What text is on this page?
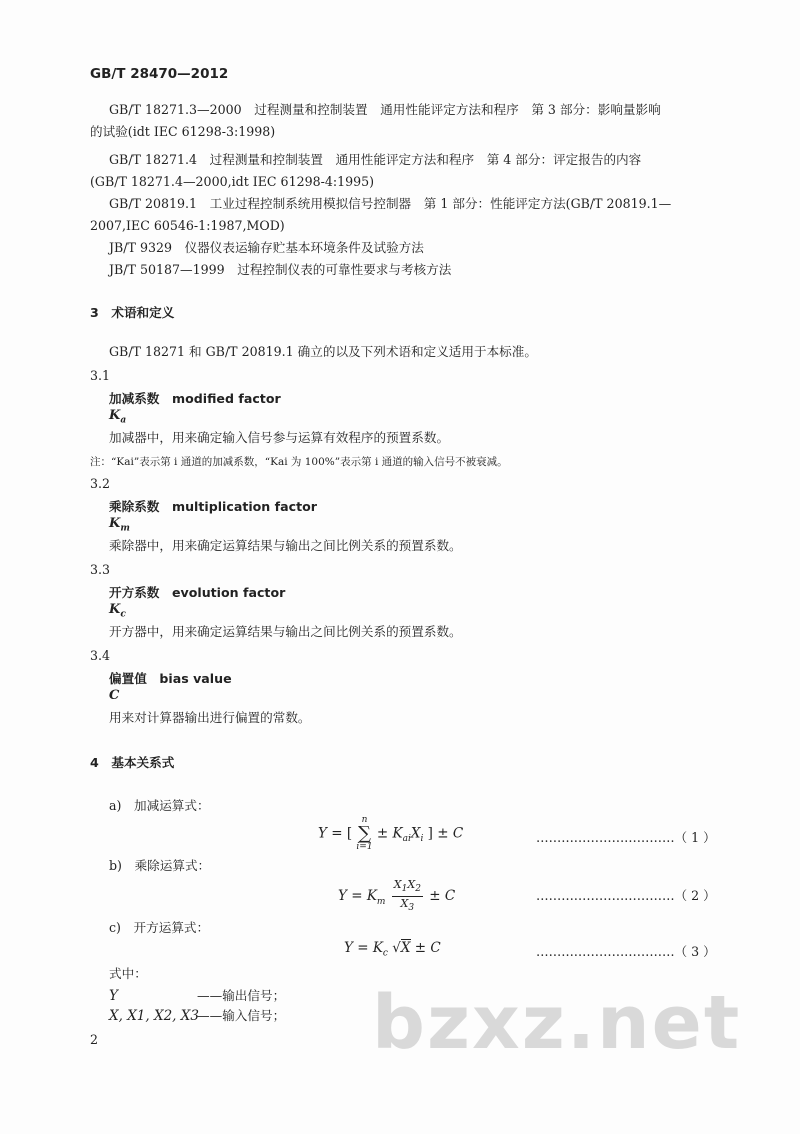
GB/T 28470—2012
GB/T 18271.3—2000　过程测量和控制装置　通用性能评定方法和程序　第 3 部分：影响量影响
的试验(idt IEC 61298-3:1998)
GB/T 18271.4　过程测量和控制装置　通用性能评定方法和程序　第 4 部分：评定报告的内容
(GB/T 18271.4—2000,idt IEC 61298-4:1995)
GB/T 20819.1　工业过程控制系统用模拟信号控制器　第 1 部分：性能评定方法(GB/T 20819.1—
2007,IEC 60546-1:1987,MOD)
JB/T 9329　仪器仪表运输存贮基本环境条件及试验方法
JB/T 50187—1999　过程控制仪表的可靠性要求与考核方法
3　术语和定义
GB/T 18271 和 GB/T 20819.1 确立的以及下列术语和定义适用于本标准。
3.1
加减系数　modified factor
$K_a$
加减器中，用来确定输入信号参与运算有效程序的预置系数。
注：“Kai”表示第 i 通道的加减系数，“Kai 为 100%”表示第 i 通道的输入信号不被衰减。
3.2
乘除系数　multiplication factor
$K_m$
乘除器中，用来确定运算结果与输出之间比例关系的预置系数。
3.3
开方系数　evolution factor
$K_c$
开方器中，用来确定运算结果与输出之间比例关系的预置系数。
3.4
偏置值　bias value
C
用来对计算器输出进行偏置的常数。
4　基本关系式
a)　加减运算式：
Y = [
n
∑
i=1
± $K_{ai}X_i$ ] ± C	……………………………（ 1 ）
b)　乘除运算式：
$Y = K_m \frac{X_1X_2}{X_3} \pm C$	……………………………（ 2 ）
c)　开方运算式：
$Y = K_c$ √X ± C	……………………………（ 3 ）
式中：
Y	——输出信号；
X, X1, X2, X3——输入信号；
2	bzxz.net
